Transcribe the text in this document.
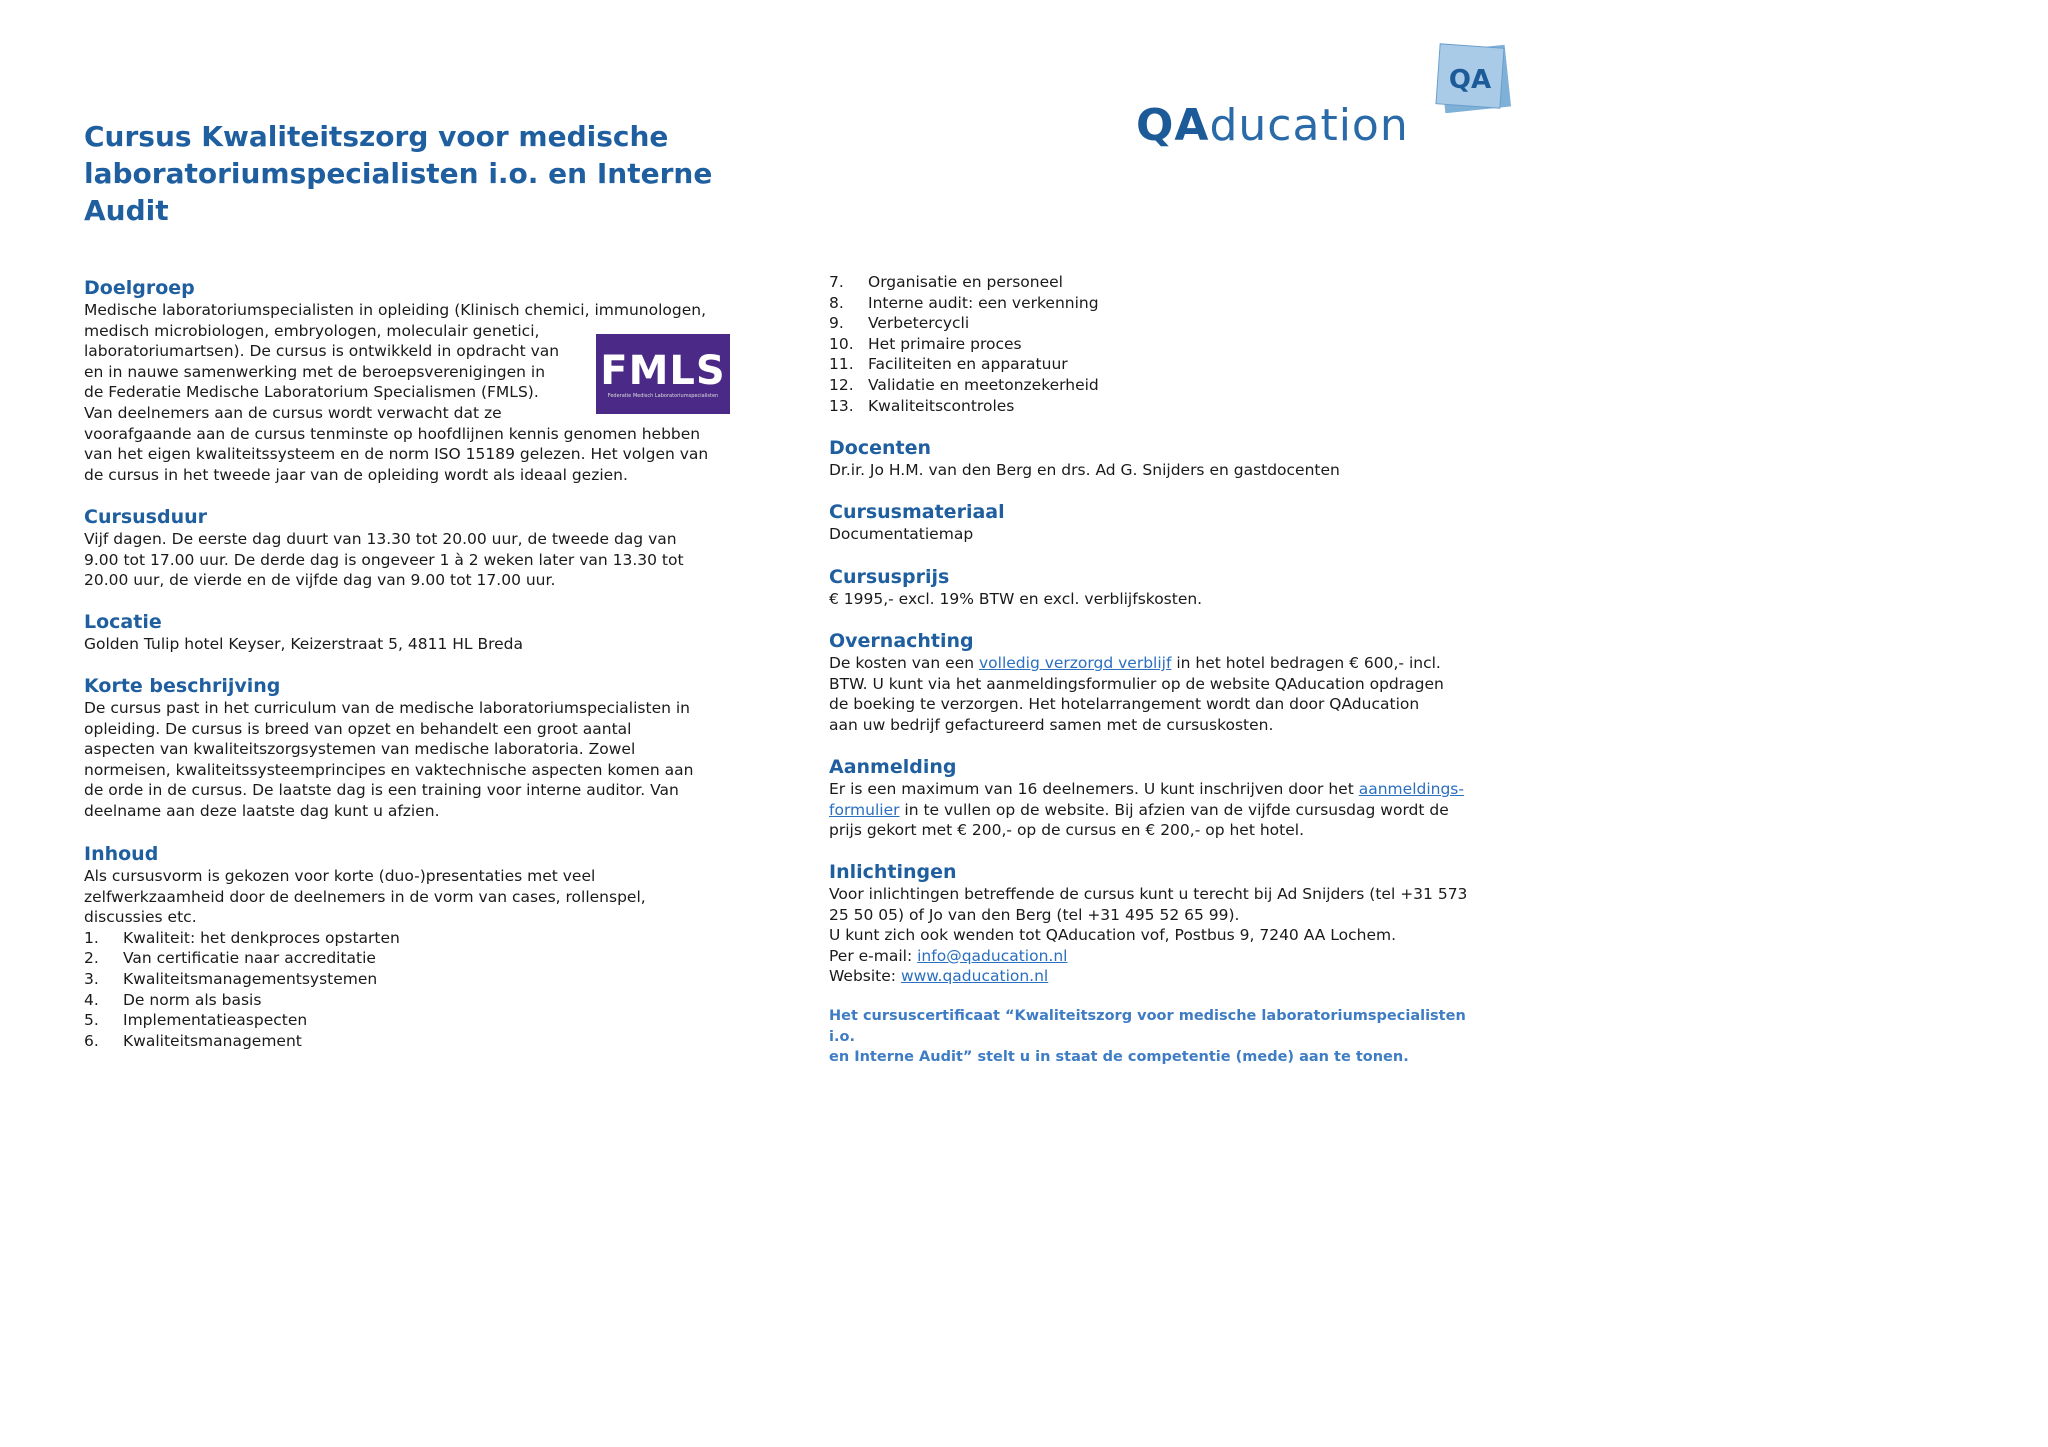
Cursus Kwaliteitszorg voor medische laboratoriumspecialisten i.o. en Interne Audit
QA
QAducation
FMLS
Federatie Medisch Laboratoriumspecialisten
Doelgroep

Medische laboratoriumspecialisten in opleiding (Klinisch chemici, immunologen,

medisch microbiologen, embryologen, moleculair genetici,

laboratoriumartsen). De cursus is ontwikkeld in opdracht van

en in nauwe samenwerking met de beroepsverenigingen in

de Federatie Medische Laboratorium Specialismen (FMLS).

Van deelnemers aan de cursus wordt verwacht dat ze

voorafgaande aan de cursus tenminste op hoofdlijnen kennis genomen hebben

van het eigen kwaliteitssysteem en de norm ISO 15189 gelezen. Het volgen van

de cursus in het tweede jaar van de opleiding wordt als ideaal gezien.

Cursusduur

Vijf dagen. De eerste dag duurt van 13.30 tot 20.00 uur, de tweede dag van

9.00 tot 17.00 uur. De derde dag is ongeveer 1 à 2 weken later van 13.30 tot

20.00 uur, de vierde en de vijfde dag van 9.00 tot 17.00 uur.

Locatie

Golden Tulip hotel Keyser, Keizerstraat 5, 4811 HL Breda

Korte beschrijving

De cursus past in het curriculum van de medische laboratoriumspecialisten in

opleiding. De cursus is breed van opzet en behandelt een groot aantal

aspecten van kwaliteitszorgsystemen van medische laboratoria. Zowel

normeisen, kwaliteitssysteemprincipes en vaktechnische aspecten komen aan

de orde in de cursus. De laatste dag is een training voor interne auditor. Van

deelname aan deze laatste dag kunt u afzien.

Inhoud

Als cursusvorm is gekozen voor korte (duo-)presentaties met veel

zelfwerkzaamheid door de deelnemers in de vorm van cases, rollenspel,

discussies etc.

1.	Kwaliteit: het denkproces opstarten
2.	Van certificatie naar accreditatie
3.	Kwaliteitsmanagementsystemen
4.	De norm als basis
5.	Implementatieaspecten
6.	Kwaliteitsmanagement
7.	Organisatie en personeel
8.	Interne audit: een verkenning
9.	Verbetercycli
10. Het primaire proces
11. Faciliteiten en apparatuur
12. Validatie en meetonzekerheid
13. Kwaliteitscontroles
Docenten

Dr.ir. Jo H.M. van den Berg en drs. Ad G. Snijders en gastdocenten

Cursusmateriaal

Documentatiemap

Cursusprijs

€ 1995,- excl. 19% BTW en excl. verblijfskosten.

Overnachting

De kosten van een volledig verzorgd verblijf in het hotel bedragen € 600,- incl.

BTW. U kunt via het aanmeldingsformulier op de website QAducation opdragen

de boeking te verzorgen. Het hotelarrangement wordt dan door QAducation

aan uw bedrijf gefactureerd samen met de cursuskosten.

Aanmelding

Er is een maximum van 16 deelnemers. U kunt inschrijven door het aanmeldings-

formulier in te vullen op de website. Bij afzien van de vijfde cursusdag wordt de

prijs gekort met € 200,- op de cursus en € 200,- op het hotel.

Inlichtingen

Voor inlichtingen betreffende de cursus kunt u terecht bij Ad Snijders (tel +31 573

25 50 05) of Jo van den Berg (tel +31 495 52 65 99).

U kunt zich ook wenden tot QAducation vof, Postbus 9, 7240 AA Lochem.

Per e-mail: info@qaducation.nl

Website: www.qaducation.nl

Het cursuscertificaat “Kwaliteitszorg voor medische laboratoriumspecialisten i.o.

en Interne Audit” stelt u in staat de competentie (mede) aan te tonen.
